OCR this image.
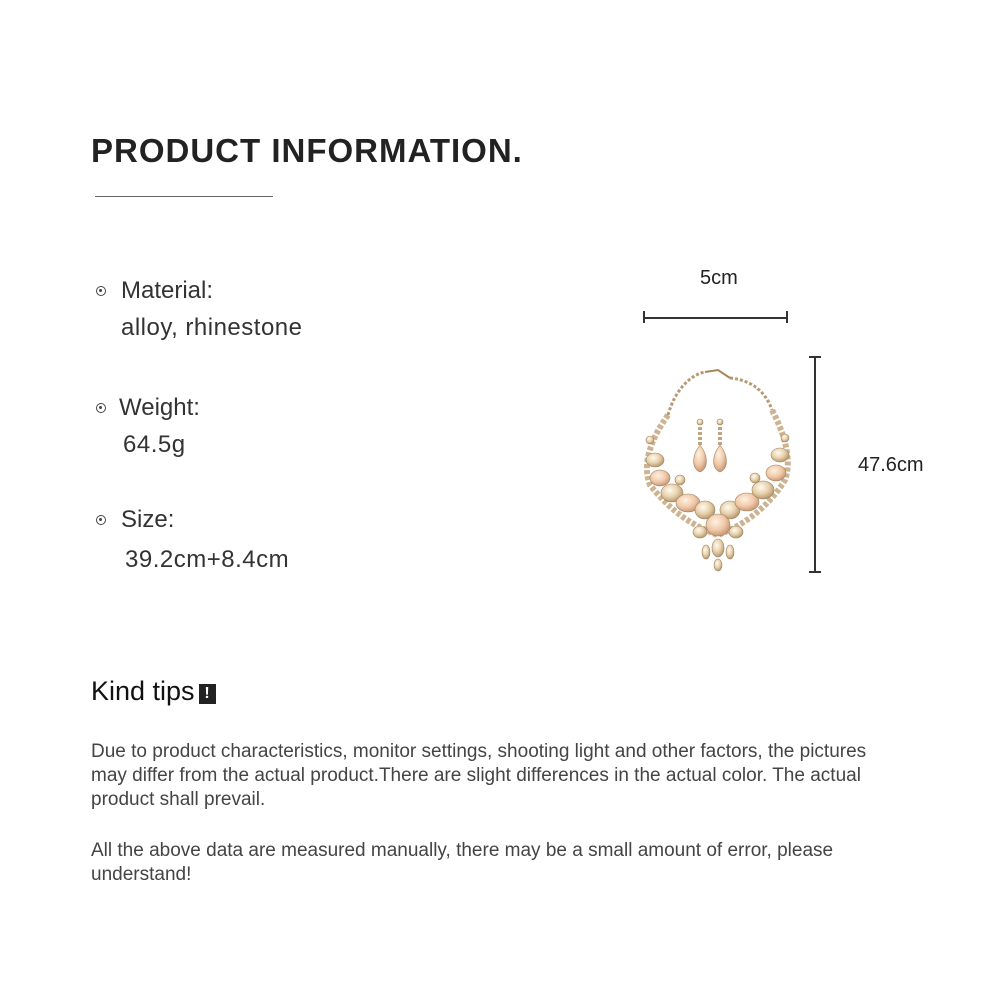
PRODUCT INFORMATION.
Material:
alloy, rhinestone
Weight:
64.5g
Size:
39.2cm+8.4cm
5cm
47.6cm
Kind tips !

Due to product characteristics, monitor settings, shooting light and other factors, the pictures may differ from the actual product.There are slight differences in the actual color. The actual product shall prevail.

All the above data are measured manually, there may be a small amount of error, please understand!
